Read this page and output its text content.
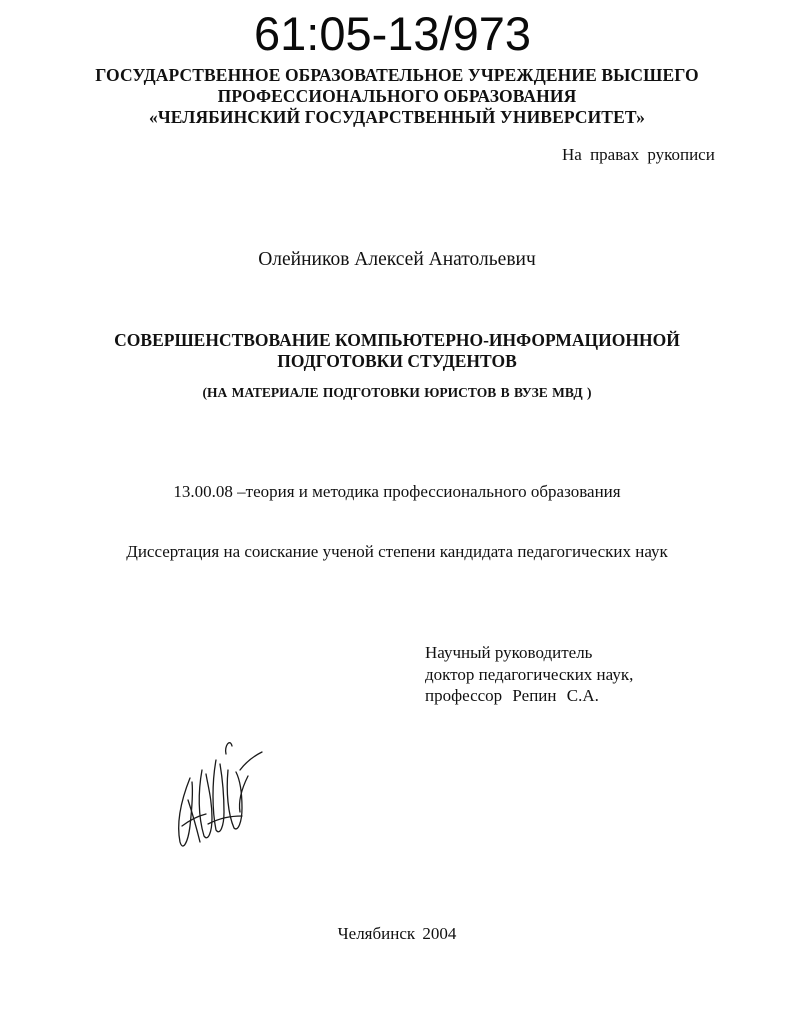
61:05-13/973
ГОСУДАРСТВЕННОЕ ОБРАЗОВАТЕЛЬНОЕ УЧРЕЖДЕНИЕ ВЫСШЕГО
ПРОФЕССИОНАЛЬНОГО ОБРАЗОВАНИЯ
«ЧЕЛЯБИНСКИЙ ГОСУДАРСТВЕННЫЙ УНИВЕРСИТЕТ»
На правах рукописи
Олейников Алексей Анатольевич
СОВЕРШЕНСТВОВАНИЕ КОМПЬЮТЕРНО-ИНФОРМАЦИОННОЙ
ПОДГОТОВКИ СТУДЕНТОВ
(НА МАТЕРИАЛЕ ПОДГОТОВКИ ЮРИСТОВ В ВУЗЕ МВД )
13.00.08 –теория и методика профессионального образования
Диссертация на соискание ученой степени кандидата педагогических наук
Научный руководитель
доктор педагогических наук,
профессор Репин С.А.
Челябинск 2004
